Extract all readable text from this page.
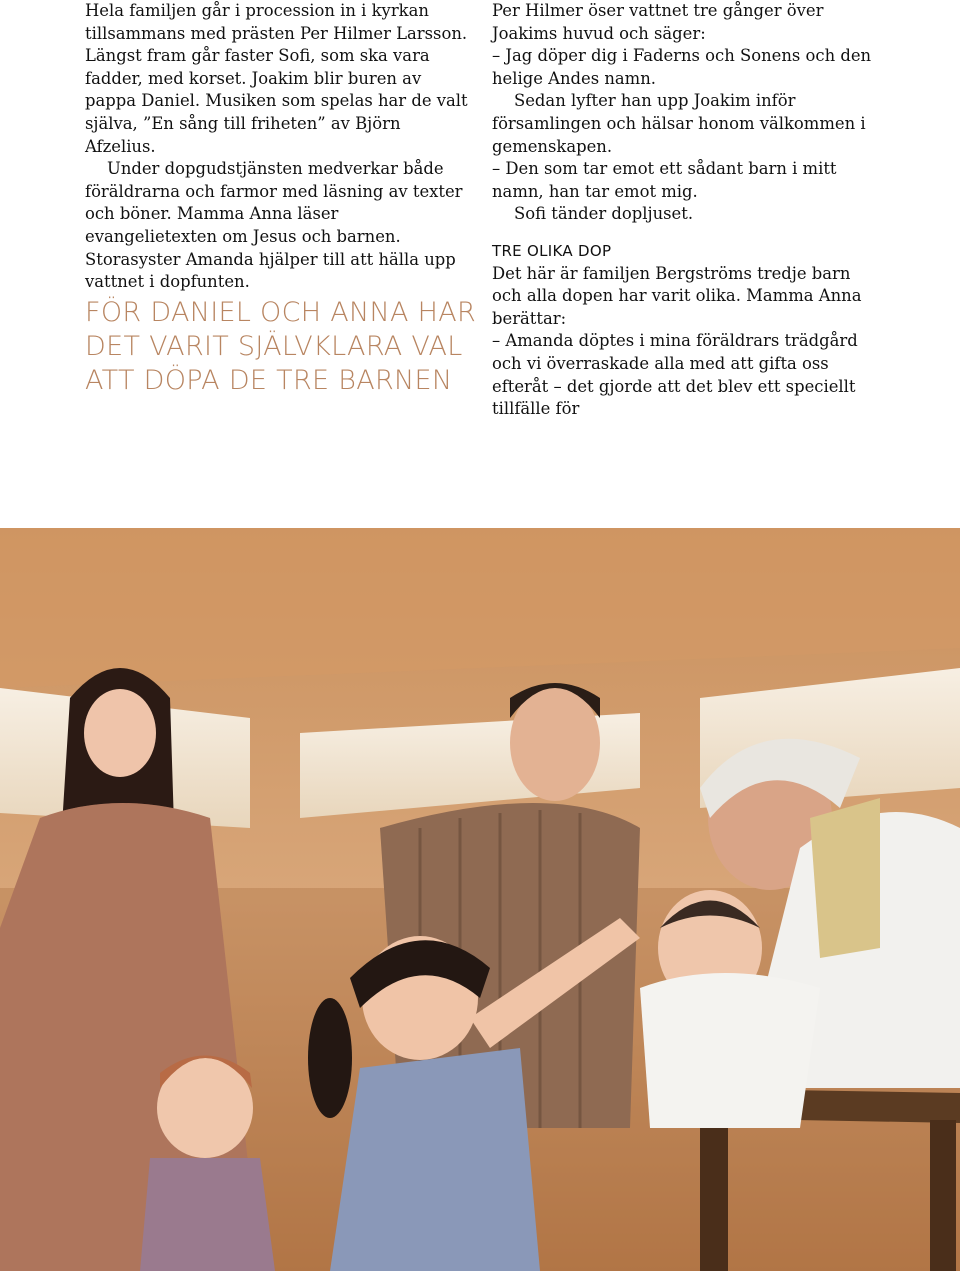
Hela familjen går i procession in i kyrkan tillsammans med prästen Per Hilmer Larsson. Längst fram går faster Sofi, som ska vara fadder, med korset. Joakim blir buren av pappa Daniel. Musiken som spelas har de valt själva, ”En sång till friheten” av Björn Afzelius.

Under dopgudstjänsten medverkar både föräldrarna och farmor med läsning av texter och böner. Mamma Anna läser evangelietexten om Jesus och barnen. Storasyster Amanda hjälper till att hälla upp vattnet i dopfunten.

FÖR DANIEL OCH ANNA HAR
DET VARIT SJÄLVKLARA VAL
ATT DÖPA DE TRE BARNEN

Per Hilmer öser vattnet tre gånger över Joakims huvud och säger:

– Jag döper dig i Faderns och Sonens och den helige Andes namn.

Sedan lyfter han upp Joakim inför församlingen och hälsar honom välkommen i gemenskapen.

– Den som tar emot ett sådant barn i mitt namn, han tar emot mig.

Sofi tänder dopljuset.

TRE OLIKA DOP

Det här är familjen Bergströms tredje barn och alla dopen har varit olika. Mamma Anna berättar:

– Amanda döptes i mina föräldrars trädgård och vi överraskade alla med att gifta oss efteråt – det gjorde att det blev ett speciellt tillfälle för
